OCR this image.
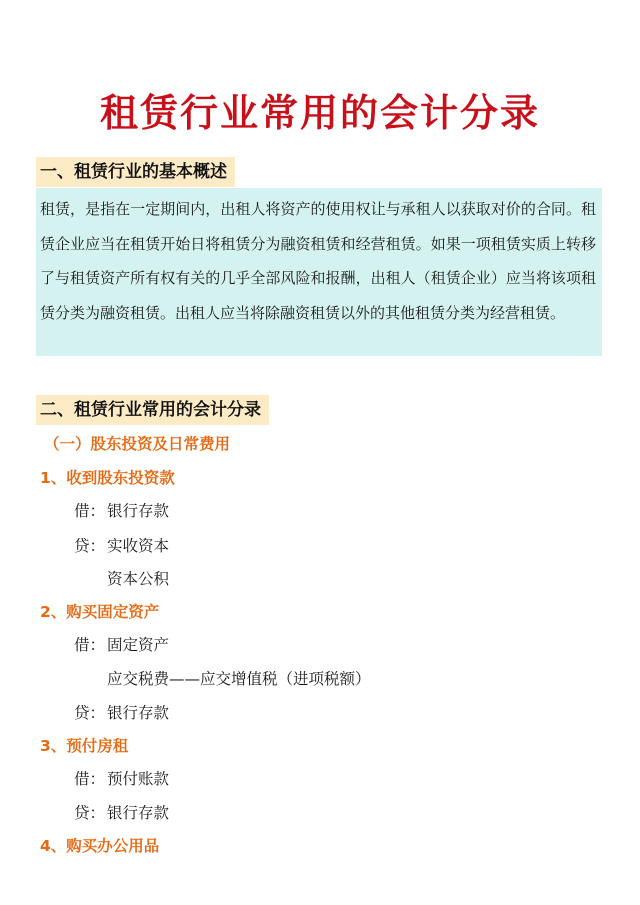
租赁行业常用的会计分录
一、租赁行业的基本概述
租赁，是指在一定期间内，出租人将资产的使用权让与承租人以获取对价的合同。租赁企业应当在租赁开始日将租赁分为融资租赁和经营租赁。如果一项租赁实质上转移了与租赁资产所有权有关的几乎全部风险和报酬，出租人（租赁企业）应当将该项租赁分类为融资租赁。出租人应当将除融资租赁以外的其他租赁分类为经营租赁。
二、租赁行业常用的会计分录
（一）股东投资及日常费用
1、收到股东投资款
借： 银行存款
贷： 实收资本
资本公积
2、购买固定资产
借： 固定资产
应交税费——应交增值税（进项税额）
贷： 银行存款
3、预付房租
借： 预付账款
贷： 银行存款
4、购买办公用品
